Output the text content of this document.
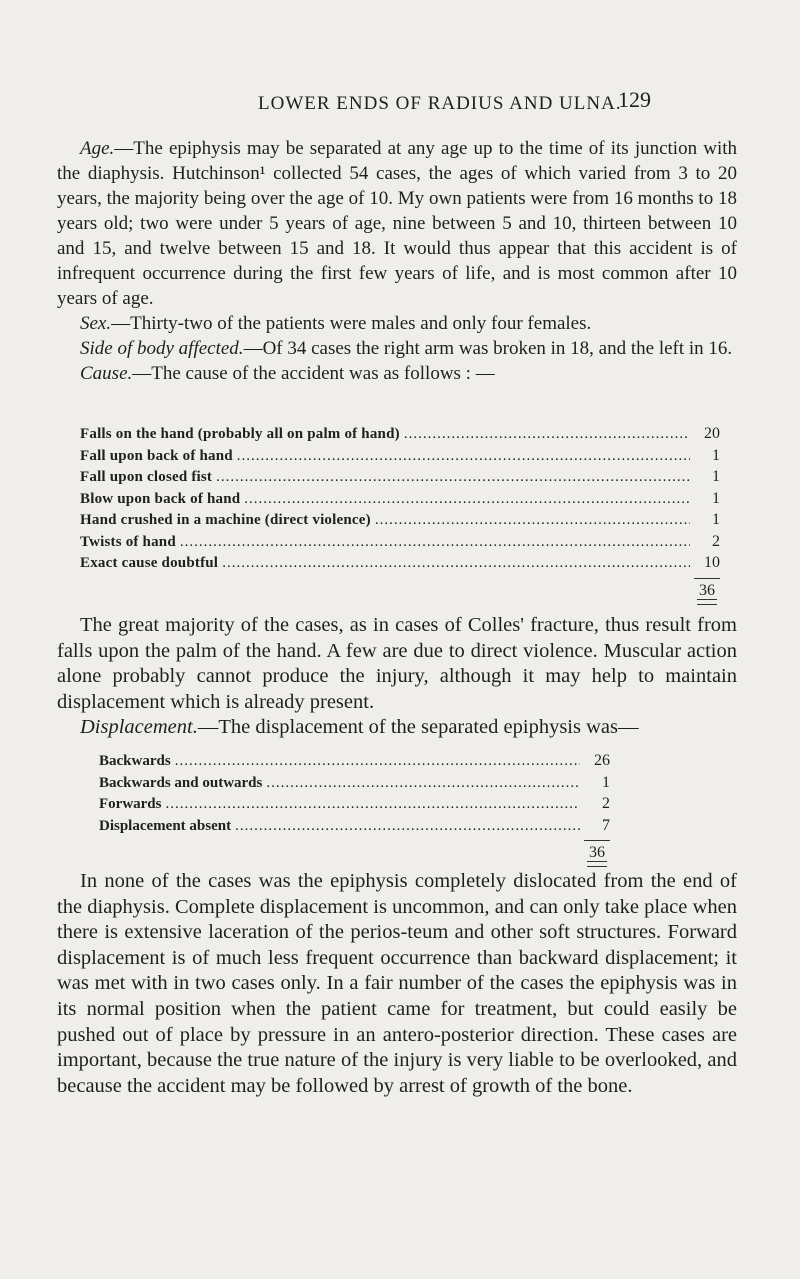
LOWER ENDS OF RADIUS AND ULNA.
129

Age.—The epiphysis may be separated at any age up to the time of its junction with the diaphysis. Hutchinson¹ collected 54 cases, the ages of which varied from 3 to 20 years, the majority being over the age of 10. My own patients were from 16 months to 18 years old; two were under 5 years of age, nine between 5 and 10, thirteen between 10 and 15, and twelve between 15 and 18. It would thus appear that this accident is of infrequent occurrence during the first few years of life, and is most common after 10 years of age.
Sex.—Thirty-two of the patients were males and only four females.
Side of body affected.—Of 34 cases the right arm was broken in 18, and the left in 16.
Cause.—The cause of the accident was as follows : —

Falls on the hand (probably all on palm of hand) .....	20
Fall upon back of hand .....	1
Fall upon closed fist .....	1
Blow upon back of hand .....	1
Hand crushed in a machine (direct violence) .....	1
Twists of hand .....	2
Exact cause doubtful .....	10
36

The great majority of the cases, as in cases of Colles' fracture, thus result from falls upon the palm of the hand. A few are due to direct violence. Muscular action alone probably cannot produce the injury, although it may help to maintain displacement which is already present.
Displacement.—The displacement of the separated epiphysis was—

Backwards .....	26
Backwards and outwards .....	1
Forwards .....	2
Displacement absent .....	7
36

In none of the cases was the epiphysis completely dislocated from the end of the diaphysis. Complete displacement is uncommon, and can only take place when there is extensive laceration of the perios-teum and other soft structures. Forward displacement is of much less frequent occurrence than backward displacement; it was met with in two cases only. In a fair number of the cases the epiphysis was in its normal position when the patient came for treatment, but could easily be pushed out of place by pressure in an antero-posterior direction. These cases are important, because the true nature of the injury is very liable to be overlooked, and because the accident may be followed by arrest of growth of the bone.
